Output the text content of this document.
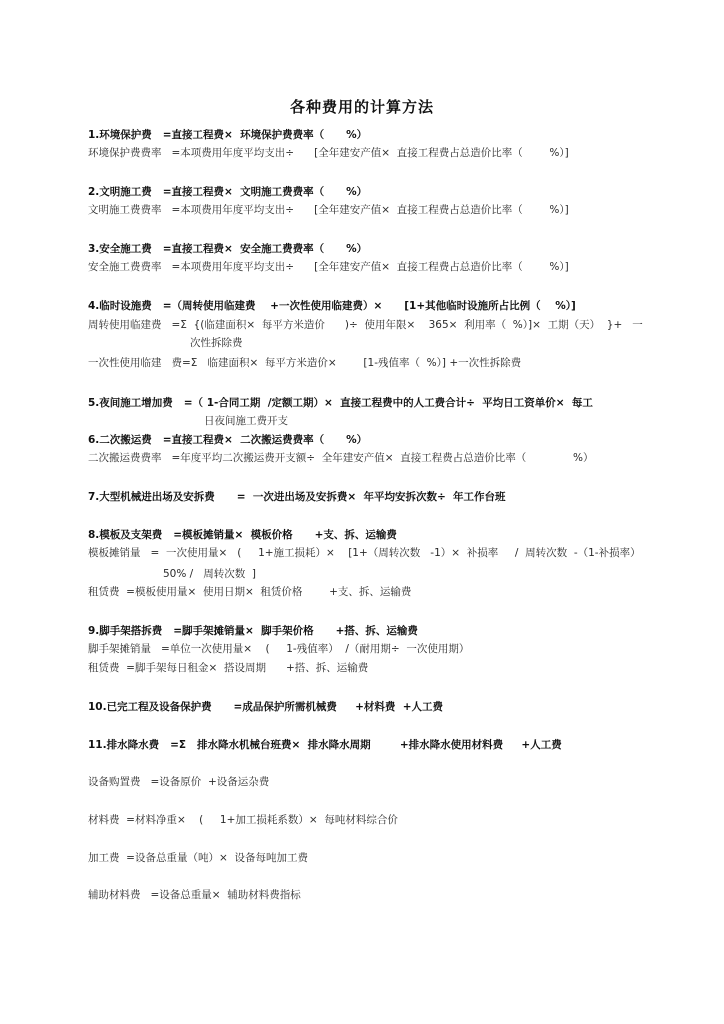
各种费用的计算方法
1.环境保护费   =直接工程费×  环境保护费费率（      %）
环境保护费费率   =本项费用年度平均支出÷      [全年建安产值×  直接工程费占总造价比率（        %）]
2.文明施工费   =直接工程费×  文明施工费费率（      %）
文明施工费费率   =本项费用年度平均支出÷      [全年建安产值×  直接工程费占总造价比率（        %）]
3.安全施工费   =直接工程费×  安全施工费费率（      %）
安全施工费费率   =本项费用年度平均支出÷      [全年建安产值×  直接工程费占总造价比率（        %）]
4.临时设施费   =（周转使用临建费    +一次性使用临建费）×      [1+其他临时设施所占比例（    %）]
周转使用临建费   =Σ  {(临建面积×  每平方米造价      )÷  使用年限×    365×  利用率（  %）]×  工期（天）  }+   一
次性拆除费
一次性使用临建   费=Σ   临建面积×  每平方米造价×        [1-残值率（  %）] +一次性拆除费
5.夜间施工增加费   =（ 1-合同工期  /定额工期）×  直接工程费中的人工费合计÷  平均日工资单价×  每工
日夜间施工费开支
6.二次搬运费   =直接工程费×  二次搬运费费率（      %）
二次搬运费费率   =年度平均二次搬运费开支额÷  全年建安产值×  直接工程费占总造价比率（              %）
7.大型机械进出场及安拆费      =  一次进出场及安拆费×  年平均安拆次数÷  年工作台班
8.模板及支架费   =模板摊销量×  模板价格      +支、拆、运输费
模板摊销量   =  一次使用量×   (     1+施工损耗）×    [1+（周转次数   -1）×  补损率     /  周转次数  -（1-补损率）
50% /   周转次数  ]
租赁费  =模板使用量×  使用日期×  租赁价格        +支、拆、运输费
9.脚手架搭拆费   =脚手架摊销量×  脚手架价格      +搭、拆、运输费
脚手架摊销量   =单位一次使用量×    (     1-残值率）  /（耐用期÷  一次使用期）
租赁费  =脚手架每日租金×  搭设周期      +搭、拆、运输费
10.已完工程及设备保护费      =成品保护所需机械费     +材料费  +人工费
11.排水降水费   =Σ   排水降水机械台班费×  排水降水周期        +排水降水使用材料费     +人工费
设备购置费   =设备原价  +设备运杂费
材料费  =材料净重×    (     1+加工损耗系数）×  每吨材料综合价
加工费  =设备总重量（吨）×  设备每吨加工费
辅助材料费   =设备总重量×  辅助材料费指标
